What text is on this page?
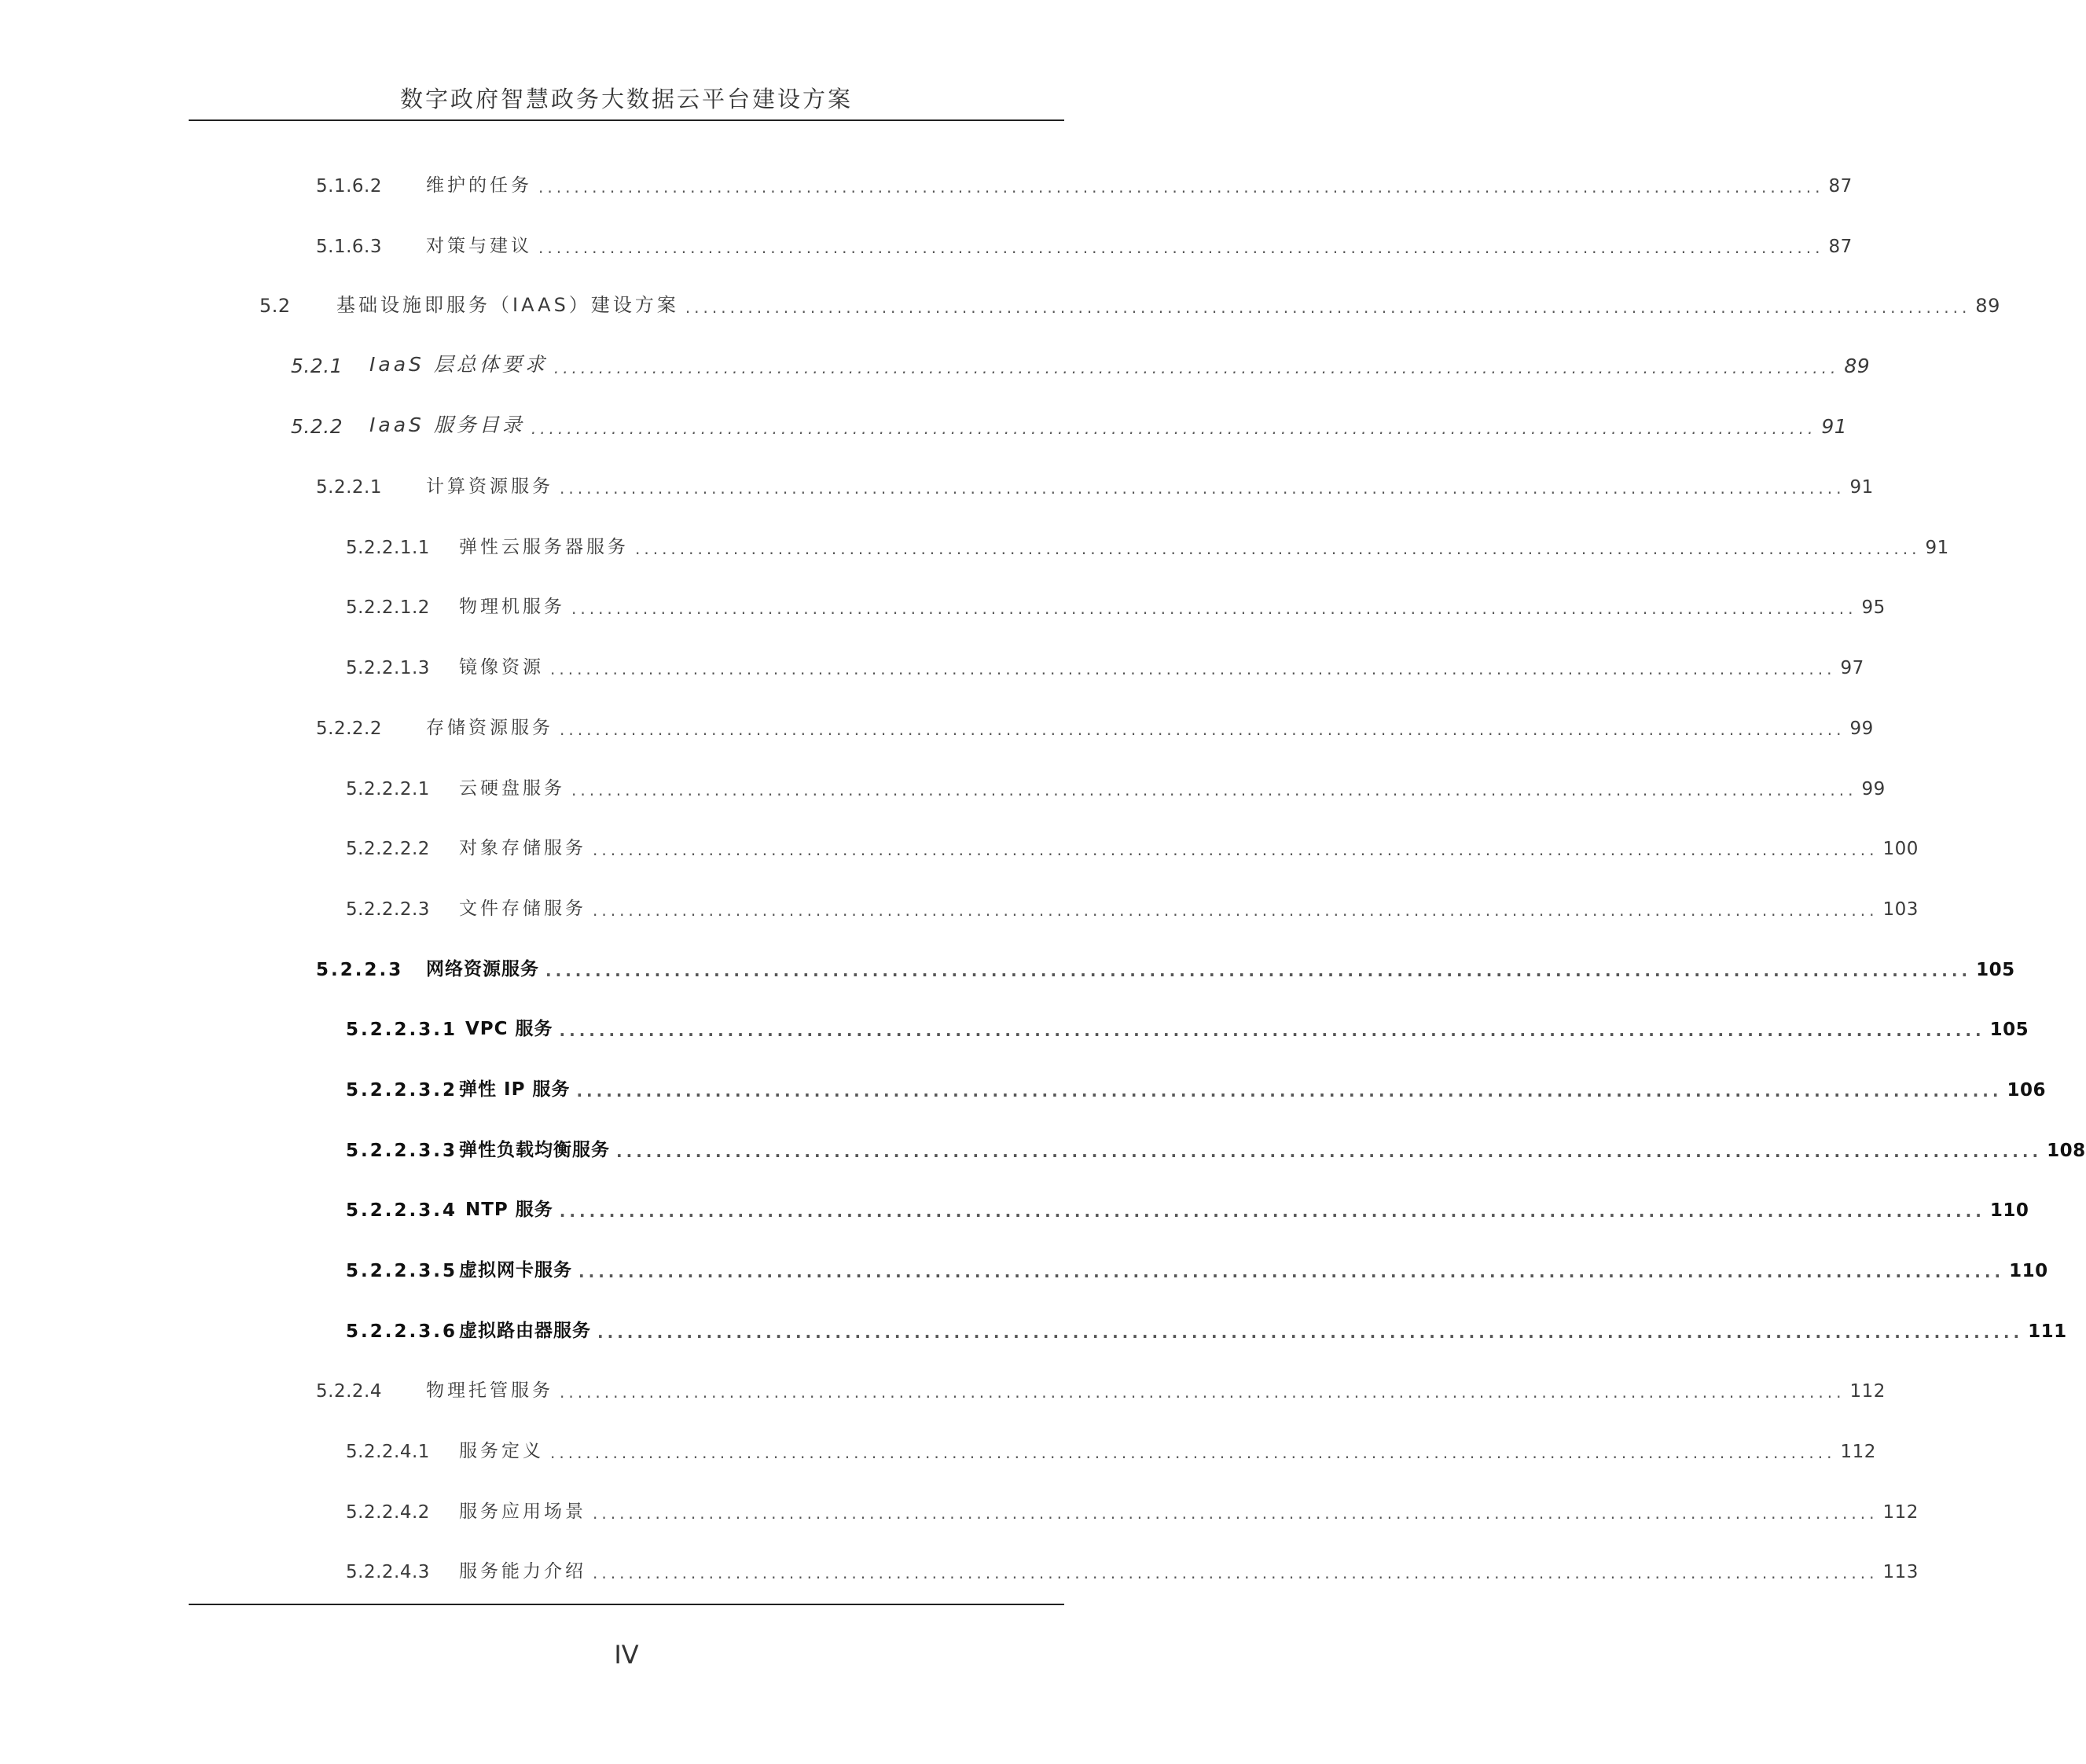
数字政府智慧政务大数据云平台建设方案
5.1.6.2	维护的任务 ................................................................................................................................................ 87
5.1.6.3	对策与建议 ................................................................................................................................................ 87
5.2	基础设施即服务（IAAS）建设方案 ................................................................................................................................................ 89
5.2.1	IaaS 层总体要求 ................................................................................................................................................ 89
5.2.2	IaaS 服务目录 ................................................................................................................................................ 91
5.2.2.1	计算资源服务 ................................................................................................................................................ 91
5.2.2.1.1	弹性云服务器服务 ................................................................................................................................................ 91
5.2.2.1.2	物理机服务 ................................................................................................................................................ 95
5.2.2.1.3	镜像资源 ................................................................................................................................................ 97
5.2.2.2	存储资源服务 ................................................................................................................................................ 99
5.2.2.2.1	云硬盘服务 ................................................................................................................................................ 99
5.2.2.2.2	对象存储服务 ................................................................................................................................................ 100
5.2.2.2.3	文件存储服务 ................................................................................................................................................ 103
5.2.2.3	网络资源服务 ................................................................................................................................................ 105
5.2.2.3.1 VPC 服务 ................................................................................................................................................ 105
5.2.2.3.2 弹性 IP 服务 ................................................................................................................................................ 106
5.2.2.3.3 弹性负载均衡服务 ................................................................................................................................................ 108
5.2.2.3.4 NTP 服务 ................................................................................................................................................ 110
5.2.2.3.5 虚拟网卡服务 ................................................................................................................................................ 110
5.2.2.3.6 虚拟路由器服务 ................................................................................................................................................ 111
5.2.2.4	物理托管服务 ................................................................................................................................................ 112
5.2.2.4.1	服务定义 ................................................................................................................................................ 112
5.2.2.4.2	服务应用场景 ................................................................................................................................................ 112
5.2.2.4.3	服务能力介绍 ................................................................................................................................................ 113
IV
